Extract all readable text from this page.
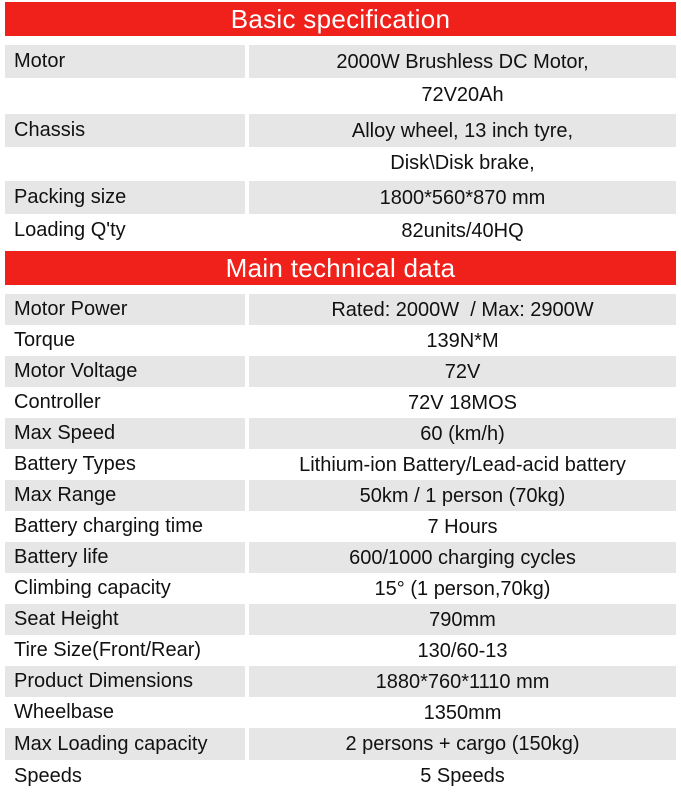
Basic specification
Motor	2000W Brushless DC Motor,
72V20Ah
Chassis	Alloy wheel, 13 inch tyre,
Disk\Disk brake,
Packing size	1800*560*870 mm
Loading Q'ty	82units/40HQ
Main technical data
Motor Power	Rated: 2000W  / Max: 2900W
Torque	139N*M
Motor Voltage	72V
Controller	72V 18MOS
Max Speed	60 (km/h)
Battery Types	Lithium-ion Battery/Lead-acid battery
Max Range	50km / 1 person (70kg)
Battery charging time	7 Hours
Battery life	600/1000 charging cycles
Climbing capacity	15° (1 person,70kg)
Seat Height	790mm
Tire Size(Front/Rear)	130/60-13
Product Dimensions	1880*760*1110 mm
Wheelbase	1350mm
Max Loading capacity	2 persons + cargo (150kg)
Speeds	5 Speeds
